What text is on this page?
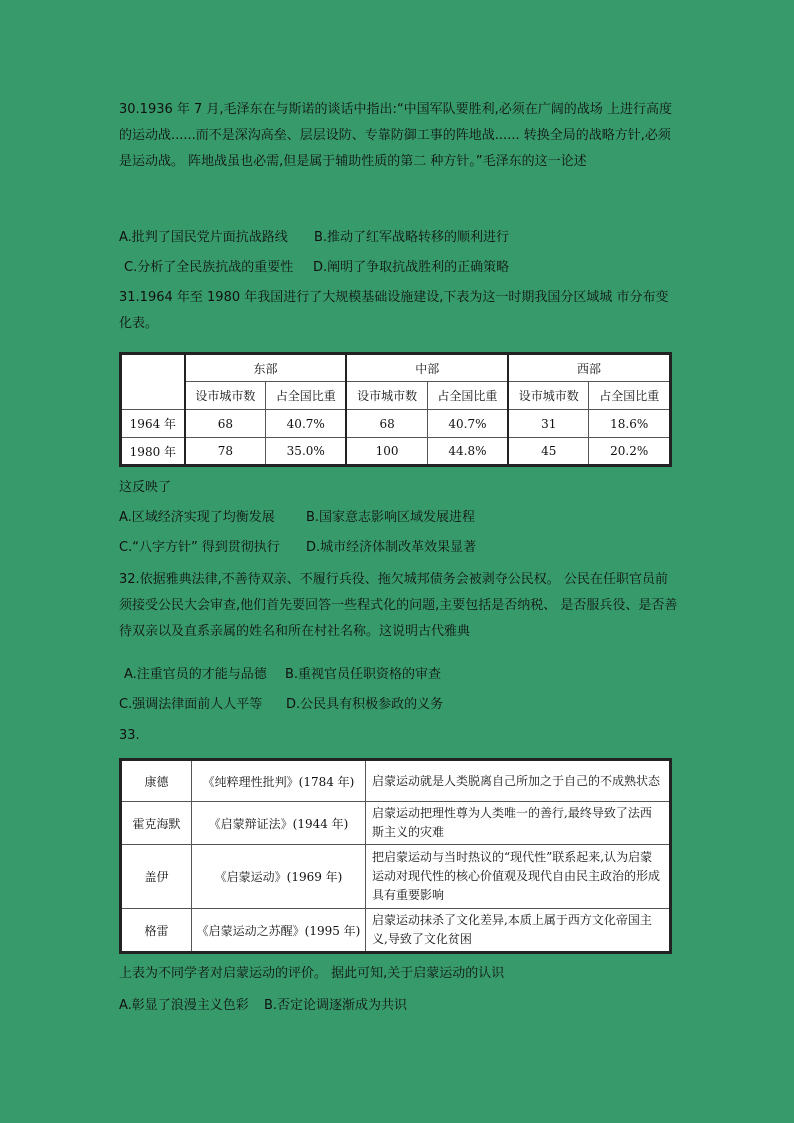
30.1936 年 7 月,毛泽东在与斯诺的谈话中指出:“中国军队要胜利,必须在广阔的战场 上进行高度的运动战......而不是深沟高垒、层层设防、专靠防御工事的阵地战...... 转换全局的战略方针,必须是运动战。 阵地战虽也必需,但是属于辅助性质的第二 种方针。”毛泽东的这一论述

A.批判了国民党片面抗战路线 B.推动了红军战略转移的顺利进行

C.分析了全民族抗战的重要性 D.阐明了争取抗战胜利的正确策略

31.1964 年至 1980 年我国进行了大规模基础设施建设,下表为这一时期我国分区域城 市分布变化表。

	东部		中部		西部	
	设市城市数	占全国比重	设市城市数	占全国比重	设市城市数	占全国比重
1964 年	68	40.7%	68	40.7%	31	18.6%
1980 年	78	35.0%	100	44.8%	45	20.2%

这反映了

A.区域经济实现了均衡发展 B.国家意志影响区域发展进程

C.“八字方针” 得到贯彻执行 D.城市经济体制改革效果显著

32.依据雅典法律,不善待双亲、不履行兵役、拖欠城邦债务会被剥夺公民权。 公民在任职官员前须接受公民大会审查,他们首先要回答一些程式化的问题,主要包括是否纳税、 是否服兵役、是否善待双亲以及直系亲属的姓名和所在村社名称。这说明古代雅典

A.注重官员的才能与品德 B.重视官员任职资格的审查

C.强调法律面前人人平等 D.公民具有积极参政的义务

33.

康德	《纯粹理性批判》(1784 年)	启蒙运动就是人类脱离自己所加之于自己的不成熟状态
霍克海默	《启蒙辩证法》(1944 年)	启蒙运动把理性尊为人类唯一的善行,最终导致了法西斯主义的灾难
盖伊	《启蒙运动》(1969 年)	把启蒙运动与当时热议的“现代性”联系起来,认为启蒙运动对现代性的核心价值观及现代自由民主政治的形成具有重要影响
格雷	《启蒙运动之苏醒》(1995 年)	启蒙运动抹杀了文化差异,本质上属于西方文化帝国主义,导致了文化贫困

上表为不同学者对启蒙运动的评价。 据此可知,关于启蒙运动的认识

A.彰显了浪漫主义色彩 B.否定论调逐渐成为共识
